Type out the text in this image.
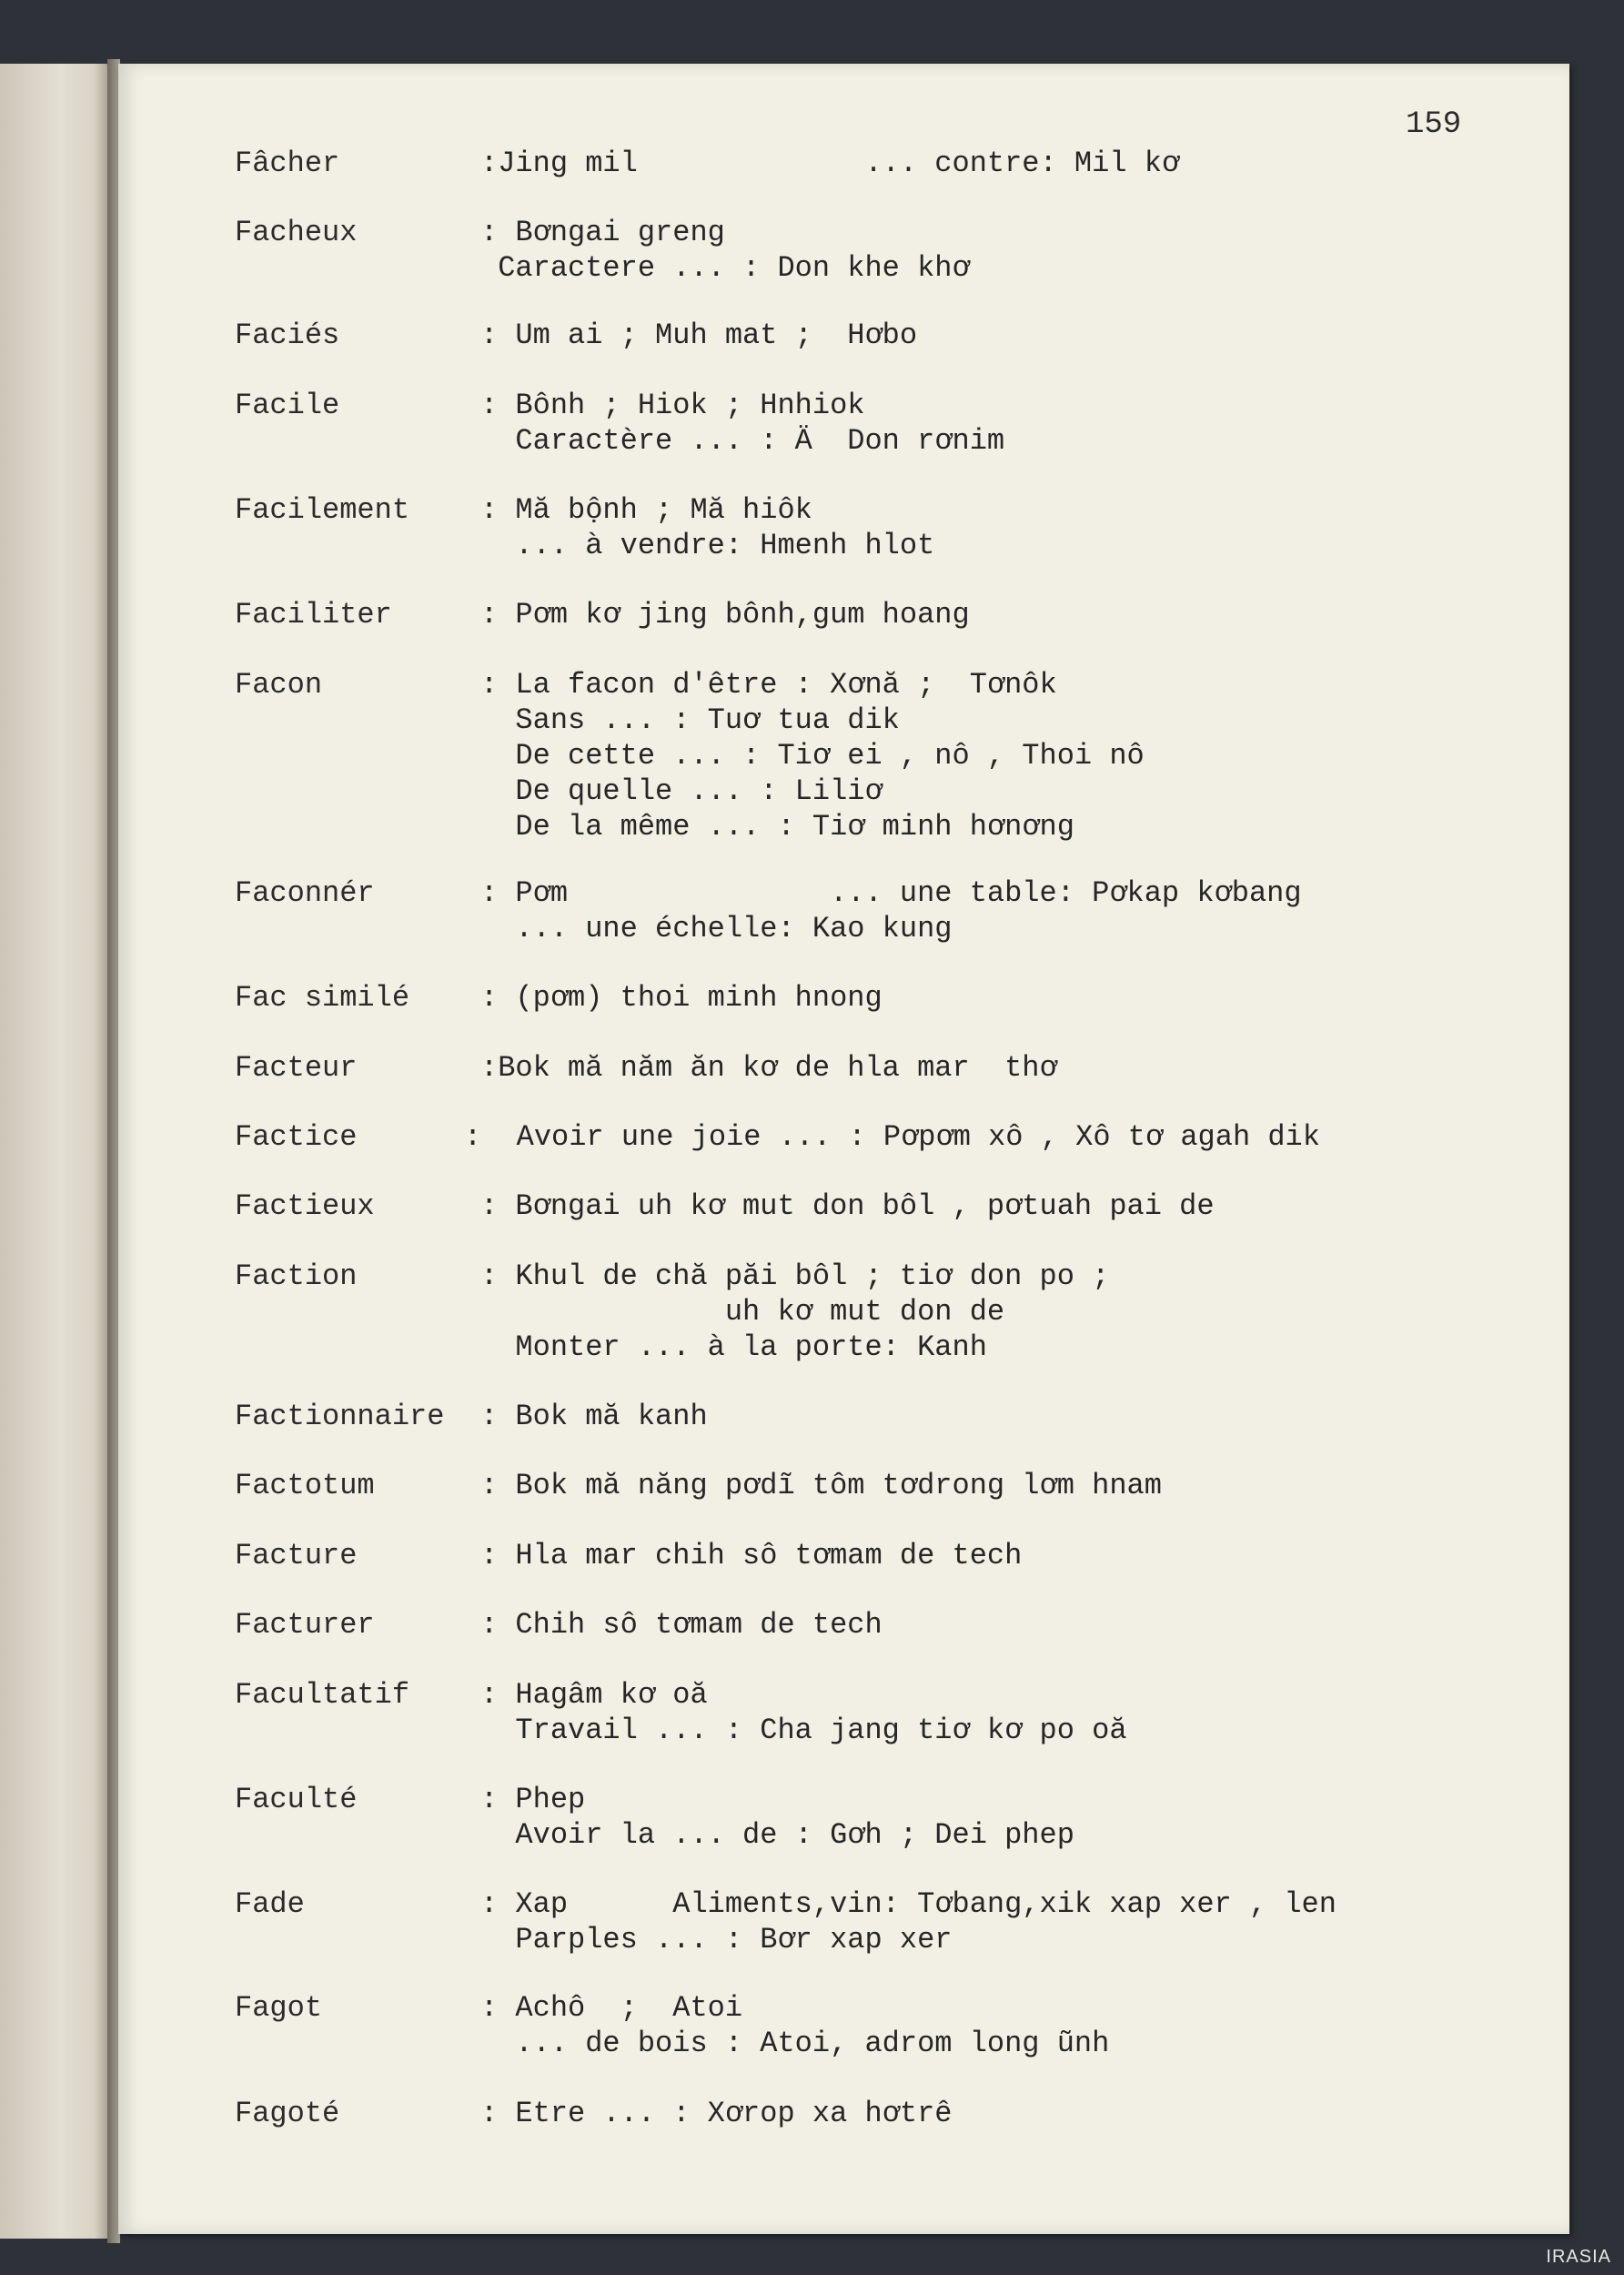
159
Fâcher	:Jing mil             ... contre: Mil kơ
Facheux	: Bơngai greng
Caractere ... : Don khe khơ
Faciés	: Um ai ; Muh mat ;  Hơbo
Facile	: Bônh ; Hiok ; Hnhiok
Caractère ... : Ä  Don rơnim
Facilement : Mă bộnh ; Mă hiôk
... à vendre: Hmenh hlot
Faciliter	: Pơm kơ jing bônh,gum hoang
Facon	: La facon d'être : Xơnă ;  Tơnôk
Sans ... : Tuơ tua dik
De cette ... : Tiơ ei , nô , Thoi nô
De quelle ... : Liliơ
De la même ... : Tiơ minh hơnơng
Faconnér	: Pơm               ... une table: Pơkap kơbang
... une échelle: Kao kung
Fac similé : (pơm) thoi minh hnong
Facteur	:Bok mă năm ăn kơ de hla mar  thơ
Factice	:  Avoir une joie ... : Pơpơm xô , Xô tơ agah dik
Factieux	: Bơngai uh kơ mut don bôl , pơtuah pai de
Faction	: Khul de chă păi bôl ; tiơ don po ;
uh kơ mut don de
Monter ... à la porte: Kanh
Factionnaire : Bok mă kanh
Factotum	: Bok mă năng pơdĩ tôm tơdrong lơm hnam
Facture	: Hla mar chih sô tơmam de tech
Facturer	: Chih sô tơmam de tech
Facultatif : Hagâm kơ oă
Travail ... : Cha jang tiơ kơ po oă
Faculté	: Phep
Avoir la ... de : Gơh ; Dei phep
Fade	: Xap      Aliments,vin: Tơbang,xik xap xer , len
Parples ... : Bơr xap xer
Fagot	: Achô  ;  Atoi
... de bois : Atoi, adrom long ũnh
Fagoté	: Etre ... : Xơrop xa hơtrê
IRASIA
